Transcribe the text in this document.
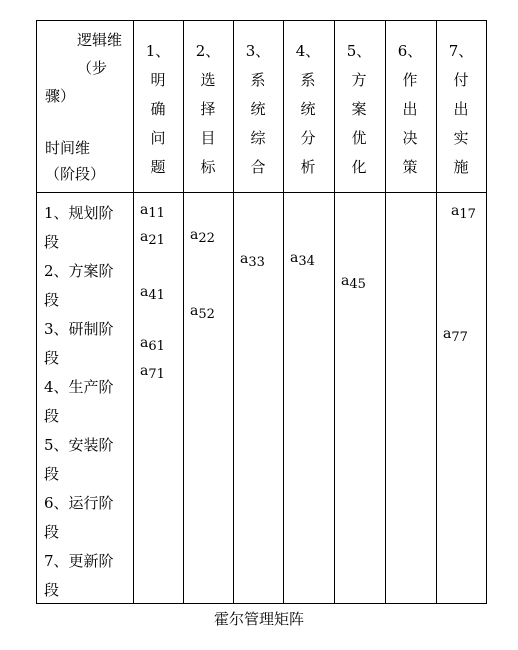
逻辑维
（步
骤）
时间维
（阶段）
1、
明
确
问
题
2、
选
择
目
标
3、
系
统
综
合
4、
系
统
分
析
5、
方
案
优
化
6、
作
出
决
策
7、
付
出
实
施
1、规划阶
段
2、方案阶
段
3、研制阶
段
4、生产阶
段
5、安装阶
段
6、运行阶
段
7、更新阶
段
$a_{11}$
$a_{21}$
$a_{41}$
$a_{61}$
$a_{71}$
$a_{22}$
$a_{52}$
$a_{33}$ $a_{34}$
$a_{45}$
$a_{17}$
$a_{77}$
霍尔管理矩阵
